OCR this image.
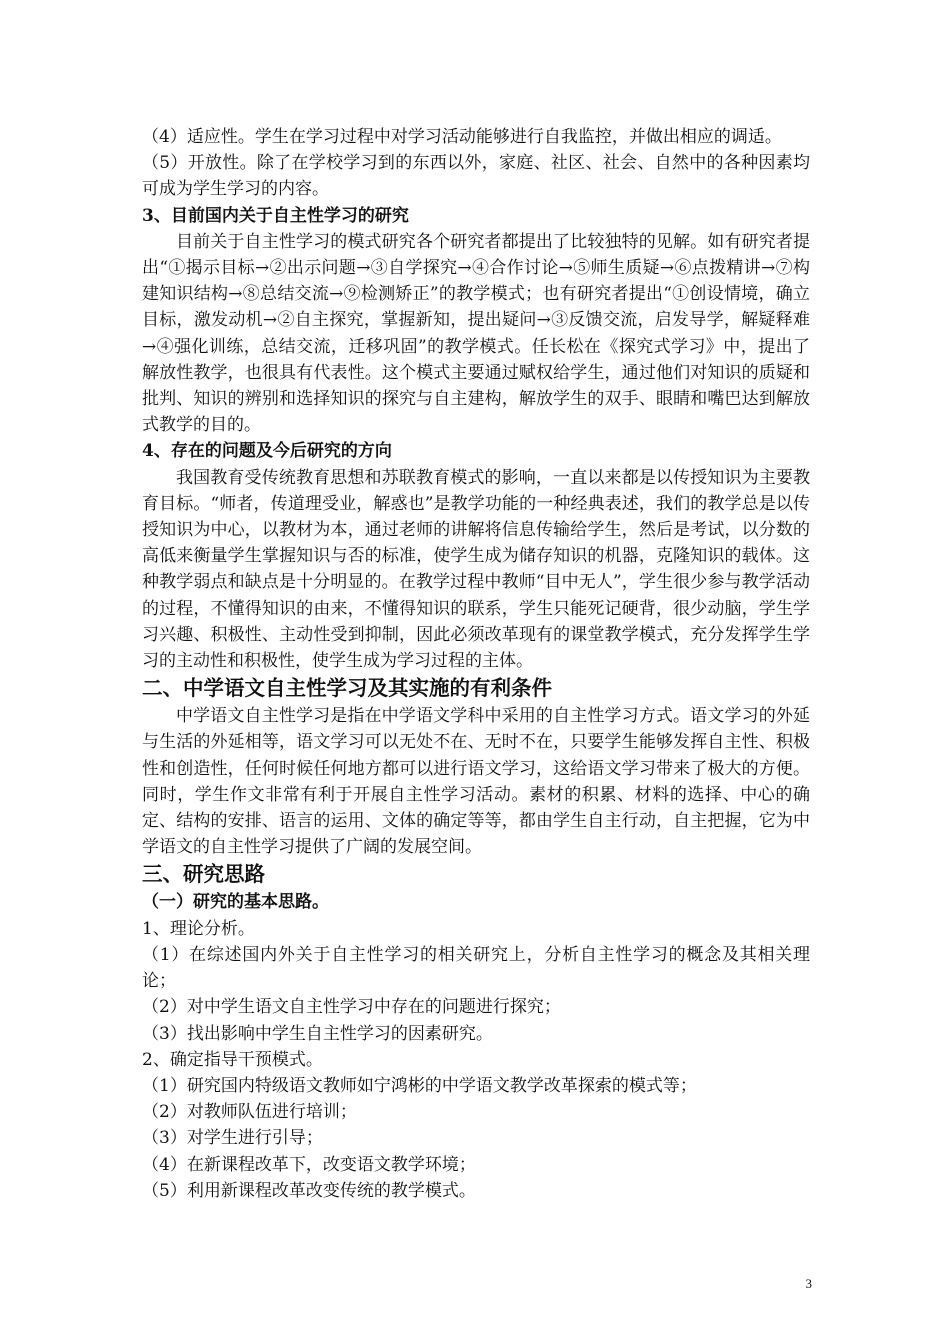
（4）适应性。学生在学习过程中对学习活动能够进行自我监控，并做出相应的调适。

（5）开放性。除了在学校学习到的东西以外，家庭、社区、社会、自然中的各种因素均可成为学生学习的内容。

3、目前国内关于自主性学习的研究

目前关于自主性学习的模式研究各个研究者都提出了比较独特的见解。如有研究者提出“①揭示目标→②出示问题→③自学探究→④合作讨论→⑤师生质疑→⑥点拨精讲→⑦构建知识结构→⑧总结交流→⑨检测矫正”的教学模式；也有研究者提出“①创设情境，确立目标，激发动机→②自主探究，掌握新知，提出疑问→③反馈交流，启发导学，解疑释难→④强化训练，总结交流，迁移巩固”的教学模式。任长松在《探究式学习》中，提出了解放性教学，也很具有代表性。这个模式主要通过赋权给学生，通过他们对知识的质疑和批判、知识的辨别和选择知识的探究与自主建构，解放学生的双手、眼睛和嘴巴达到解放式教学的目的。

4、存在的问题及今后研究的方向

我国教育受传统教育思想和苏联教育模式的影响，一直以来都是以传授知识为主要教育目标。“师者，传道理受业，解惑也”是教学功能的一种经典表述，我们的教学总是以传授知识为中心，以教材为本，通过老师的讲解将信息传输给学生，然后是考试，以分数的高低来衡量学生掌握知识与否的标准，使学生成为储存知识的机器，克隆知识的载体。这种教学弱点和缺点是十分明显的。在教学过程中教师“目中无人”，学生很少参与教学活动的过程，不懂得知识的由来，不懂得知识的联系，学生只能死记硬背，很少动脑，学生学习兴趣、积极性、主动性受到抑制，因此必须改革现有的课堂教学模式，充分发挥学生学习的主动性和积极性，使学生成为学习过程的主体。

二、中学语文自主性学习及其实施的有利条件

中学语文自主性学习是指在中学语文学科中采用的自主性学习方式。语文学习的外延与生活的外延相等，语文学习可以无处不在、无时不在，只要学生能够发挥自主性、积极性和创造性，任何时候任何地方都可以进行语文学习，这给语文学习带来了极大的方便。同时，学生作文非常有利于开展自主性学习活动。素材的积累、材料的选择、中心的确定、结构的安排、语言的运用、文体的确定等等，都由学生自主行动，自主把握，它为中学语文的自主性学习提供了广阔的发展空间。

三、研究思路

（一）研究的基本思路。

1、理论分析。

（1）在综述国内外关于自主性学习的相关研究上，分析自主性学习的概念及其相关理论；

（2）对中学生语文自主性学习中存在的问题进行探究；

（3）找出影响中学生自主性学习的因素研究。

2、确定指导干预模式。

（1）研究国内特级语文教师如宁鸿彬的中学语文教学改革探索的模式等；

（2）对教师队伍进行培训；

（3）对学生进行引导；

（4）在新课程改革下，改变语文教学环境；

（5）利用新课程改革改变传统的教学模式。

3
